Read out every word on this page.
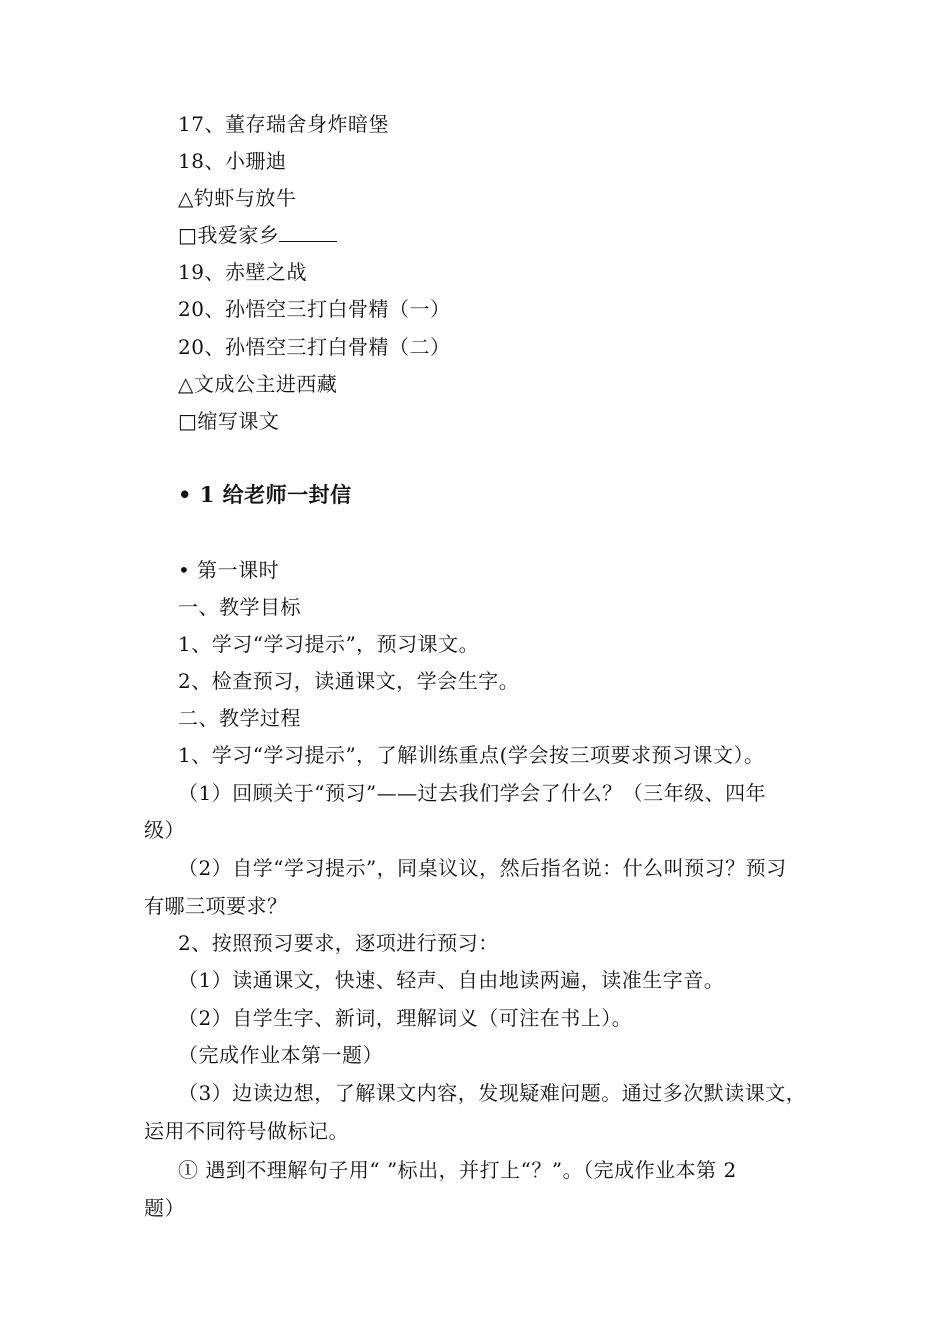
17、董存瑞舍身炸暗堡
18、小珊迪
△钓虾与放牛
□我爱家乡
19、赤壁之战
20、孙悟空三打白骨精（一）
20、孙悟空三打白骨精（二）
△文成公主进西藏
□缩写课文
• 1 给老师一封信
• 第一课时
一、教学目标
1、学习“学习提示”，预习课文。
2、检查预习，读通课文，学会生字。
二、教学过程
1、学习“学习提示”，了解训练重点(学会按三项要求预习课文）。
（1）回顾关于“预习”——过去我们学会了什么？（三年级、四年
级）
（2）自学“学习提示”，同桌议议，然后指名说：什么叫预习？预习
有哪三项要求？
2、按照预习要求，逐项进行预习：
（1）读通课文，快速、轻声、自由地读两遍，读准生字音。
（2）自学生字、新词，理解词义（可注在书上）。
（完成作业本第一题）
（3）边读边想，了解课文内容，发现疑难问题。通过多次默读课文，
运用不同符号做标记。
① 遇到不理解句子用“ ”标出，并打上“？”。（完成作业本第 2
题）
